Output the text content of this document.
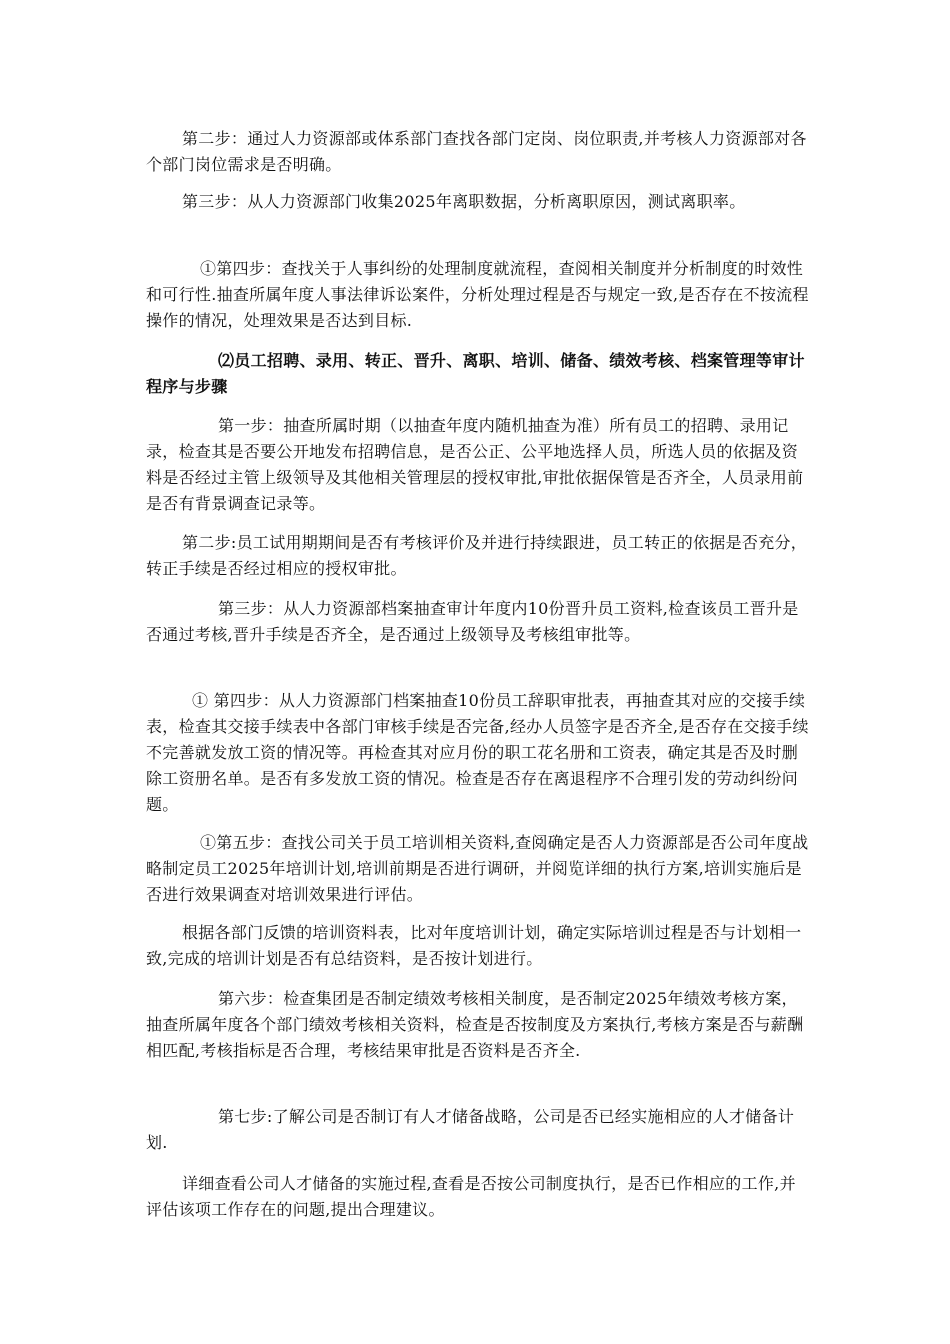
第二步：通过人力资源部或体系部门查找各部门定岗、岗位职责,并考核人力资源部对各个部门岗位需求是否明确。

第三步：从人力资源部门收集2025年离职数据，分析离职原因，测试离职率。

①第四步：查找关于人事纠纷的处理制度就流程，查阅相关制度并分析制度的时效性和可行性.抽查所属年度人事法律诉讼案件，分析处理过程是否与规定一致,是否存在不按流程操作的情况，处理效果是否达到目标.

⑵员工招聘、录用、转正、晋升、离职、培训、储备、绩效考核、档案管理等审计程序与步骤

第一步：抽查所属时期（以抽查年度内随机抽查为准）所有员工的招聘、录用记录，检查其是否要公开地发布招聘信息，是否公正、公平地选择人员，所选人员的依据及资料是否经过主管上级领导及其他相关管理层的授权审批,审批依据保管是否齐全，人员录用前是否有背景调查记录等。

第二步:员工试用期期间是否有考核评价及并进行持续跟进，员工转正的依据是否充分，转正手续是否经过相应的授权审批。

第三步：从人力资源部档案抽查审计年度内10份晋升员工资料,检查该员工晋升是否通过考核,晋升手续是否齐全，是否通过上级领导及考核组审批等。

① 第四步：从人力资源部门档案抽查10份员工辞职审批表，再抽查其对应的交接手续表，检查其交接手续表中各部门审核手续是否完备,经办人员签字是否齐全,是否存在交接手续不完善就发放工资的情况等。再检查其对应月份的职工花名册和工资表，确定其是否及时删除工资册名单。是否有多发放工资的情况。检查是否存在离退程序不合理引发的劳动纠纷问题。

①第五步：查找公司关于员工培训相关资料,查阅确定是否人力资源部是否公司年度战略制定员工2025年培训计划,培训前期是否进行调研，并阅览详细的执行方案,培训实施后是否进行效果调查对培训效果进行评估。

根据各部门反馈的培训资料表，比对年度培训计划，确定实际培训过程是否与计划相一致,完成的培训计划是否有总结资料，是否按计划进行。

第六步：检查集团是否制定绩效考核相关制度，是否制定2025年绩效考核方案，抽查所属年度各个部门绩效考核相关资料，检查是否按制度及方案执行,考核方案是否与薪酬相匹配,考核指标是否合理，考核结果审批是否资料是否齐全.

第七步:了解公司是否制订有人才储备战略，公司是否已经实施相应的人才储备计划.

详细查看公司人才储备的实施过程,查看是否按公司制度执行，是否已作相应的工作,并评估该项工作存在的问题,提出合理建议。
